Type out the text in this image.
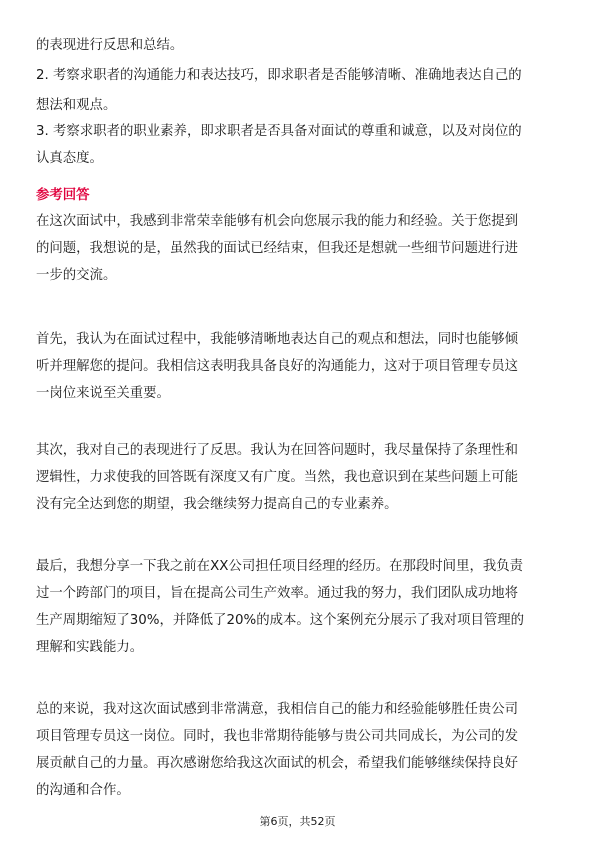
的表现进行反思和总结。
2. 考察求职者的沟通能力和表达技巧，即求职者是否能够清晰、准确地表达自己的
想法和观点。
3. 考察求职者的职业素养，即求职者是否具备对面试的尊重和诚意，以及对岗位的
认真态度。
参考回答
在这次面试中，我感到非常荣幸能够有机会向您展示我的能力和经验。关于您提到
的问题，我想说的是，虽然我的面试已经结束，但我还是想就一些细节问题进行进
一步的交流。
首先，我认为在面试过程中，我能够清晰地表达自己的观点和想法，同时也能够倾
听并理解您的提问。我相信这表明我具备良好的沟通能力，这对于项目管理专员这
一岗位来说至关重要。
其次，我对自己的表现进行了反思。我认为在回答问题时，我尽量保持了条理性和
逻辑性，力求使我的回答既有深度又有广度。当然，我也意识到在某些问题上可能
没有完全达到您的期望，我会继续努力提高自己的专业素养。
最后，我想分享一下我之前在XX公司担任项目经理的经历。在那段时间里，我负责
过一个跨部门的项目，旨在提高公司生产效率。通过我的努力，我们团队成功地将
生产周期缩短了30%，并降低了20%的成本。这个案例充分展示了我对项目管理的
理解和实践能力。
总的来说，我对这次面试感到非常满意，我相信自己的能力和经验能够胜任贵公司
项目管理专员这一岗位。同时，我也非常期待能够与贵公司共同成长，为公司的发
展贡献自己的力量。再次感谢您给我这次面试的机会，希望我们能够继续保持良好
的沟通和合作。
第6页，共52页
